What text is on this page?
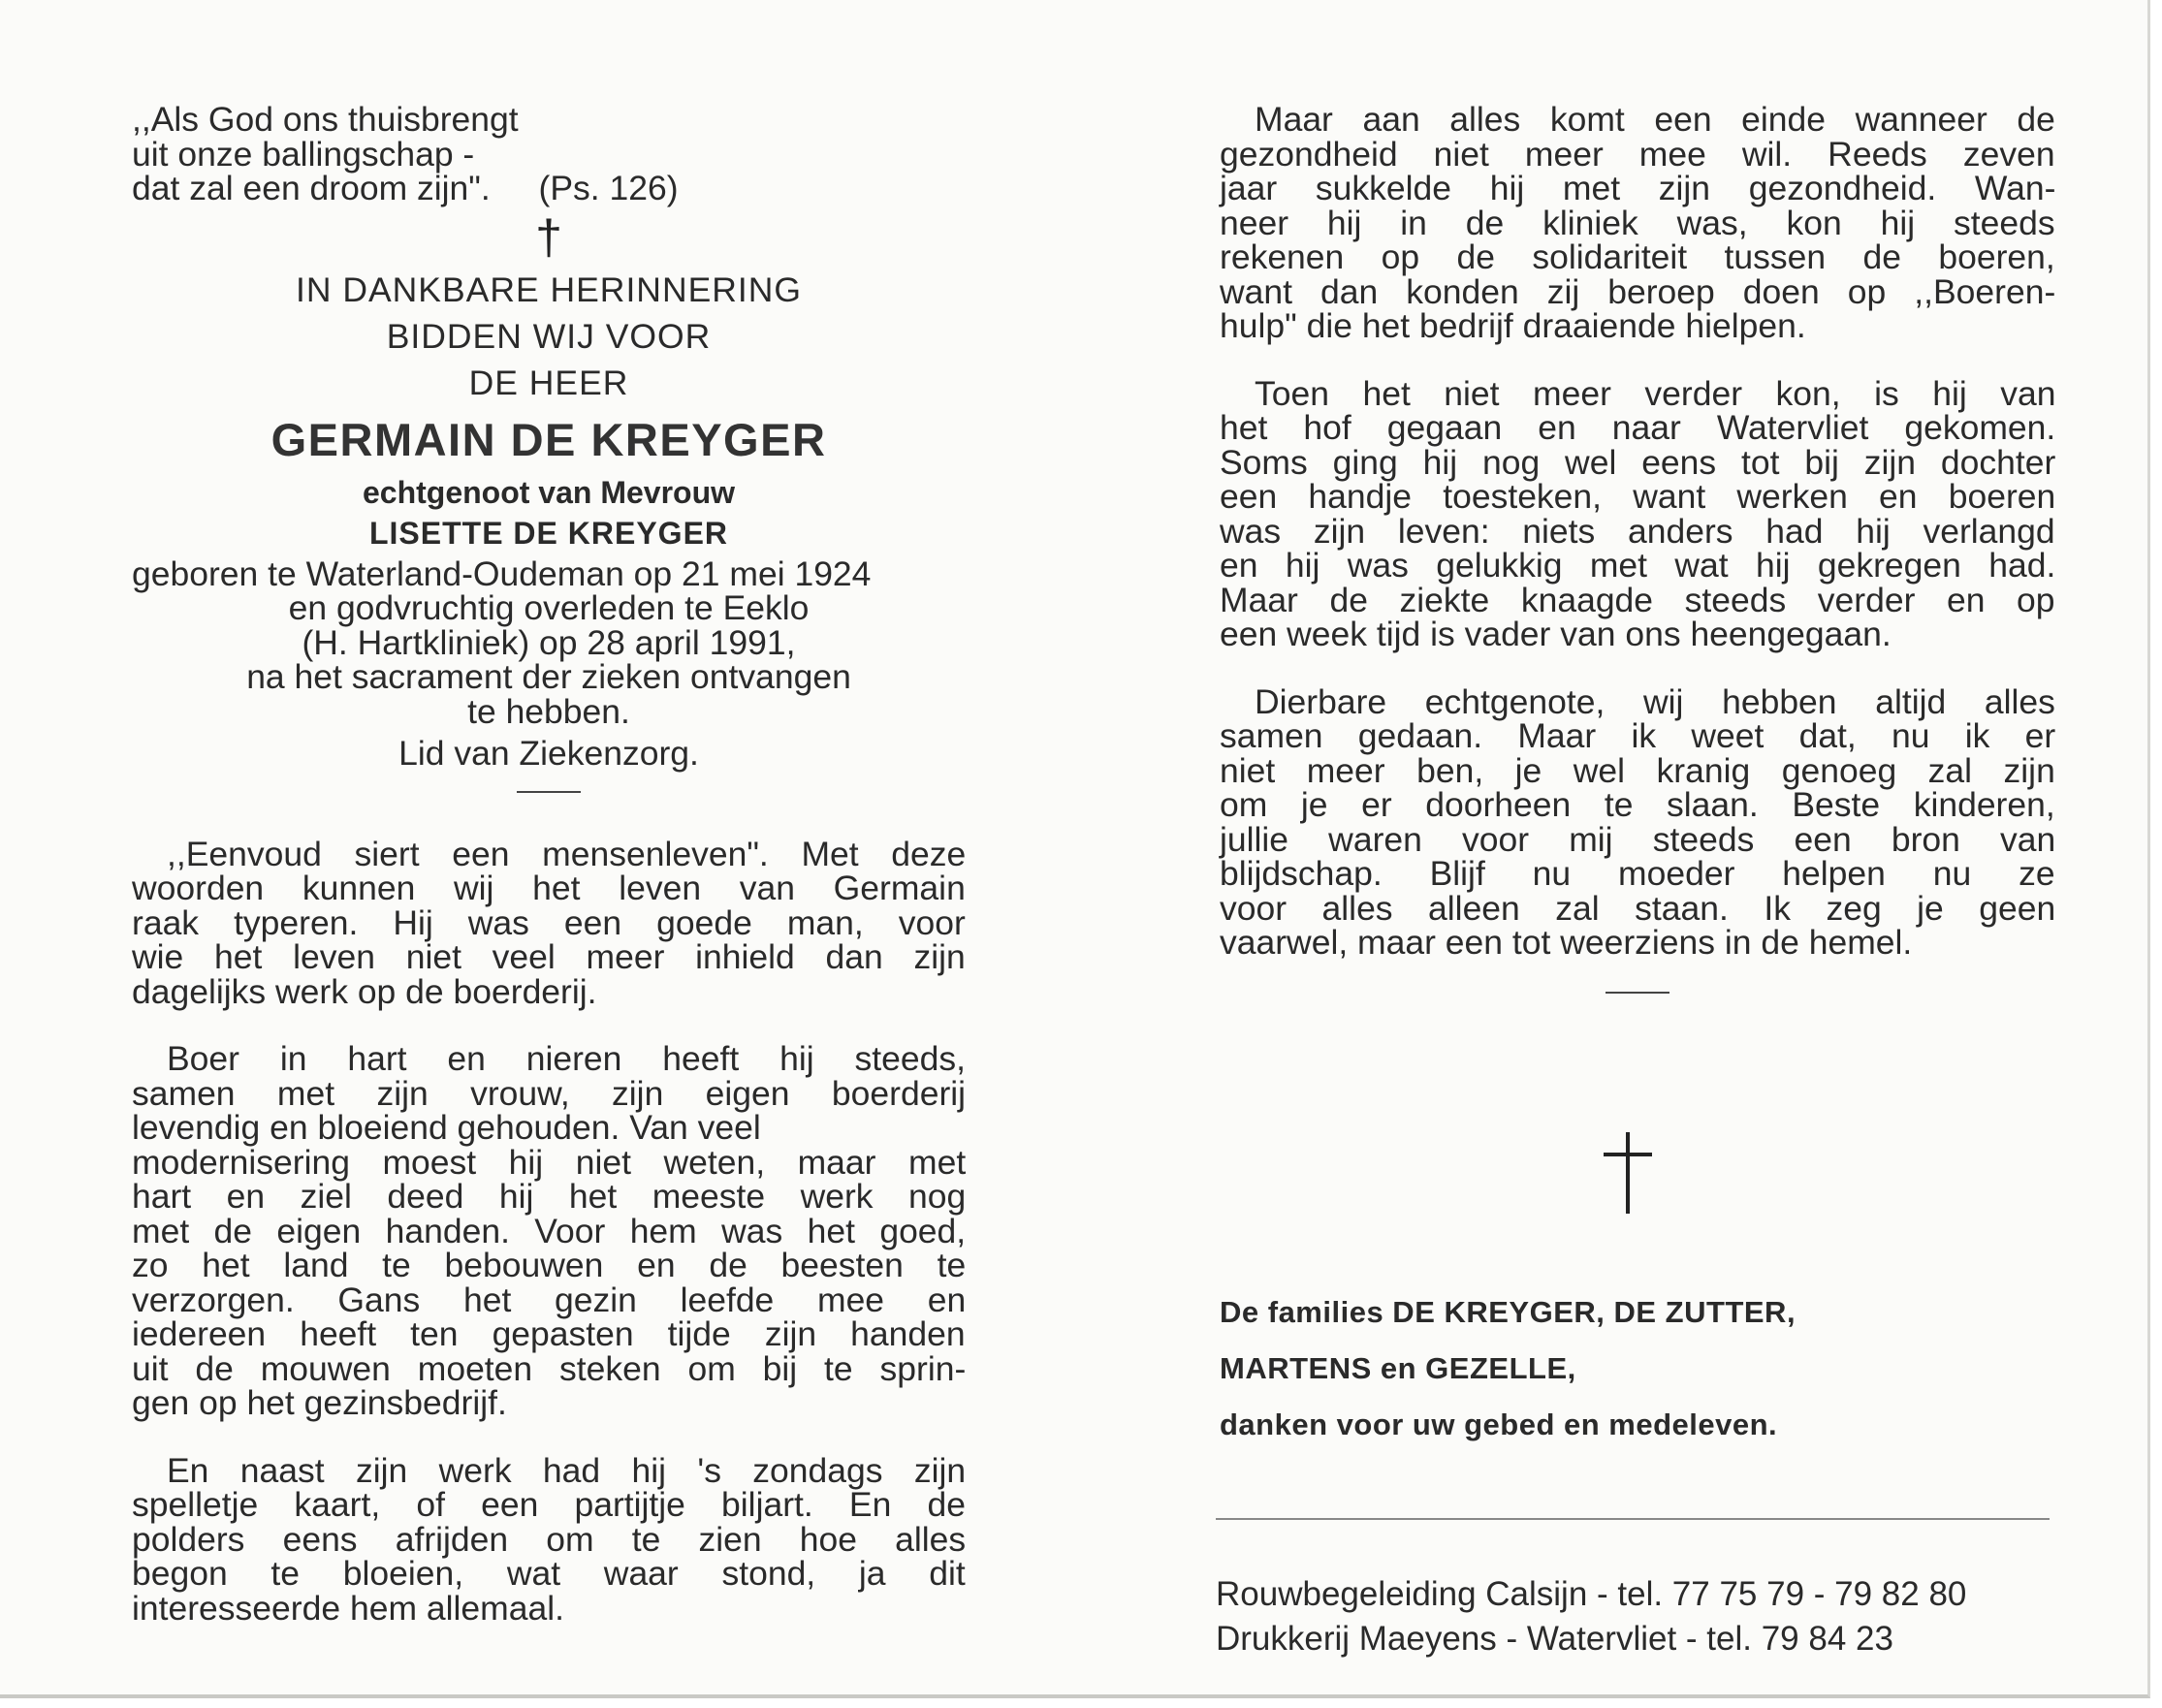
,,Als God ons thuisbrengt
uit onze ballingschap -
dat zal een droom zijn". (Ps. 126)
†
IN DANKBARE HERINNERING
BIDDEN WIJ VOOR
DE HEER
GERMAIN DE KREYGER
echtgenoot van Mevrouw
LISETTE DE KREYGER
geboren te Waterland-Oudeman op 21 mei 1924
en godvruchtig overleden te Eeklo
(H. Hartkliniek) op 28 april 1991,
na het sacrament der zieken ontvangen
te hebben.
Lid van Ziekenzorg.
,,Eenvoud siert een mensenleven". Met deze
woorden kunnen wij het leven van Germain
raak typeren. Hij was een goede man, voor
wie het leven niet veel meer inhield dan zijn
dagelijks werk op de boerderij.
Boer in hart en nieren heeft hij steeds,
samen met zijn vrouw, zijn eigen boerderij
levendig en bloeiend gehouden. Van veel
modernisering moest hij niet weten, maar met
hart en ziel deed hij het meeste werk nog
met de eigen handen. Voor hem was het goed,
zo het land te bebouwen en de beesten te
verzorgen. Gans het gezin leefde mee en
iedereen heeft ten gepasten tijde zijn handen
uit de mouwen moeten steken om bij te sprin-
gen op het gezinsbedrijf.
En naast zijn werk had hij 's zondags zijn
spelletje kaart, of een partijtje biljart. En de
polders eens afrijden om te zien hoe alles
begon te bloeien, wat waar stond, ja dit
interesseerde hem allemaal.
Maar aan alles komt een einde wanneer de
gezondheid niet meer mee wil. Reeds zeven
jaar sukkelde hij met zijn gezondheid. Wan-
neer hij in de kliniek was, kon hij steeds
rekenen op de solidariteit tussen de boeren,
want dan konden zij beroep doen op ,,Boeren-
hulp" die het bedrijf draaiende hielpen.
Toen het niet meer verder kon, is hij van
het hof gegaan en naar Watervliet gekomen.
Soms ging hij nog wel eens tot bij zijn dochter
een handje toesteken, want werken en boeren
was zijn leven: niets anders had hij verlangd
en hij was gelukkig met wat hij gekregen had.
Maar de ziekte knaagde steeds verder en op
een week tijd is vader van ons heengegaan.
Dierbare echtgenote, wij hebben altijd alles
samen gedaan. Maar ik weet dat, nu ik er
niet meer ben, je wel kranig genoeg zal zijn
om je er doorheen te slaan. Beste kinderen,
jullie waren voor mij steeds een bron van
blijdschap. Blijf nu moeder helpen nu ze
voor alles alleen zal staan. Ik zeg je geen
vaarwel, maar een tot weerziens in de hemel.
De families DE KREYGER, DE ZUTTER,
MARTENS en GEZELLE,
danken voor uw gebed en medeleven.
Rouwbegeleiding Calsijn - tel. 77 75 79 - 79 82 80
Drukkerij Maeyens - Watervliet - tel. 79 84 23
